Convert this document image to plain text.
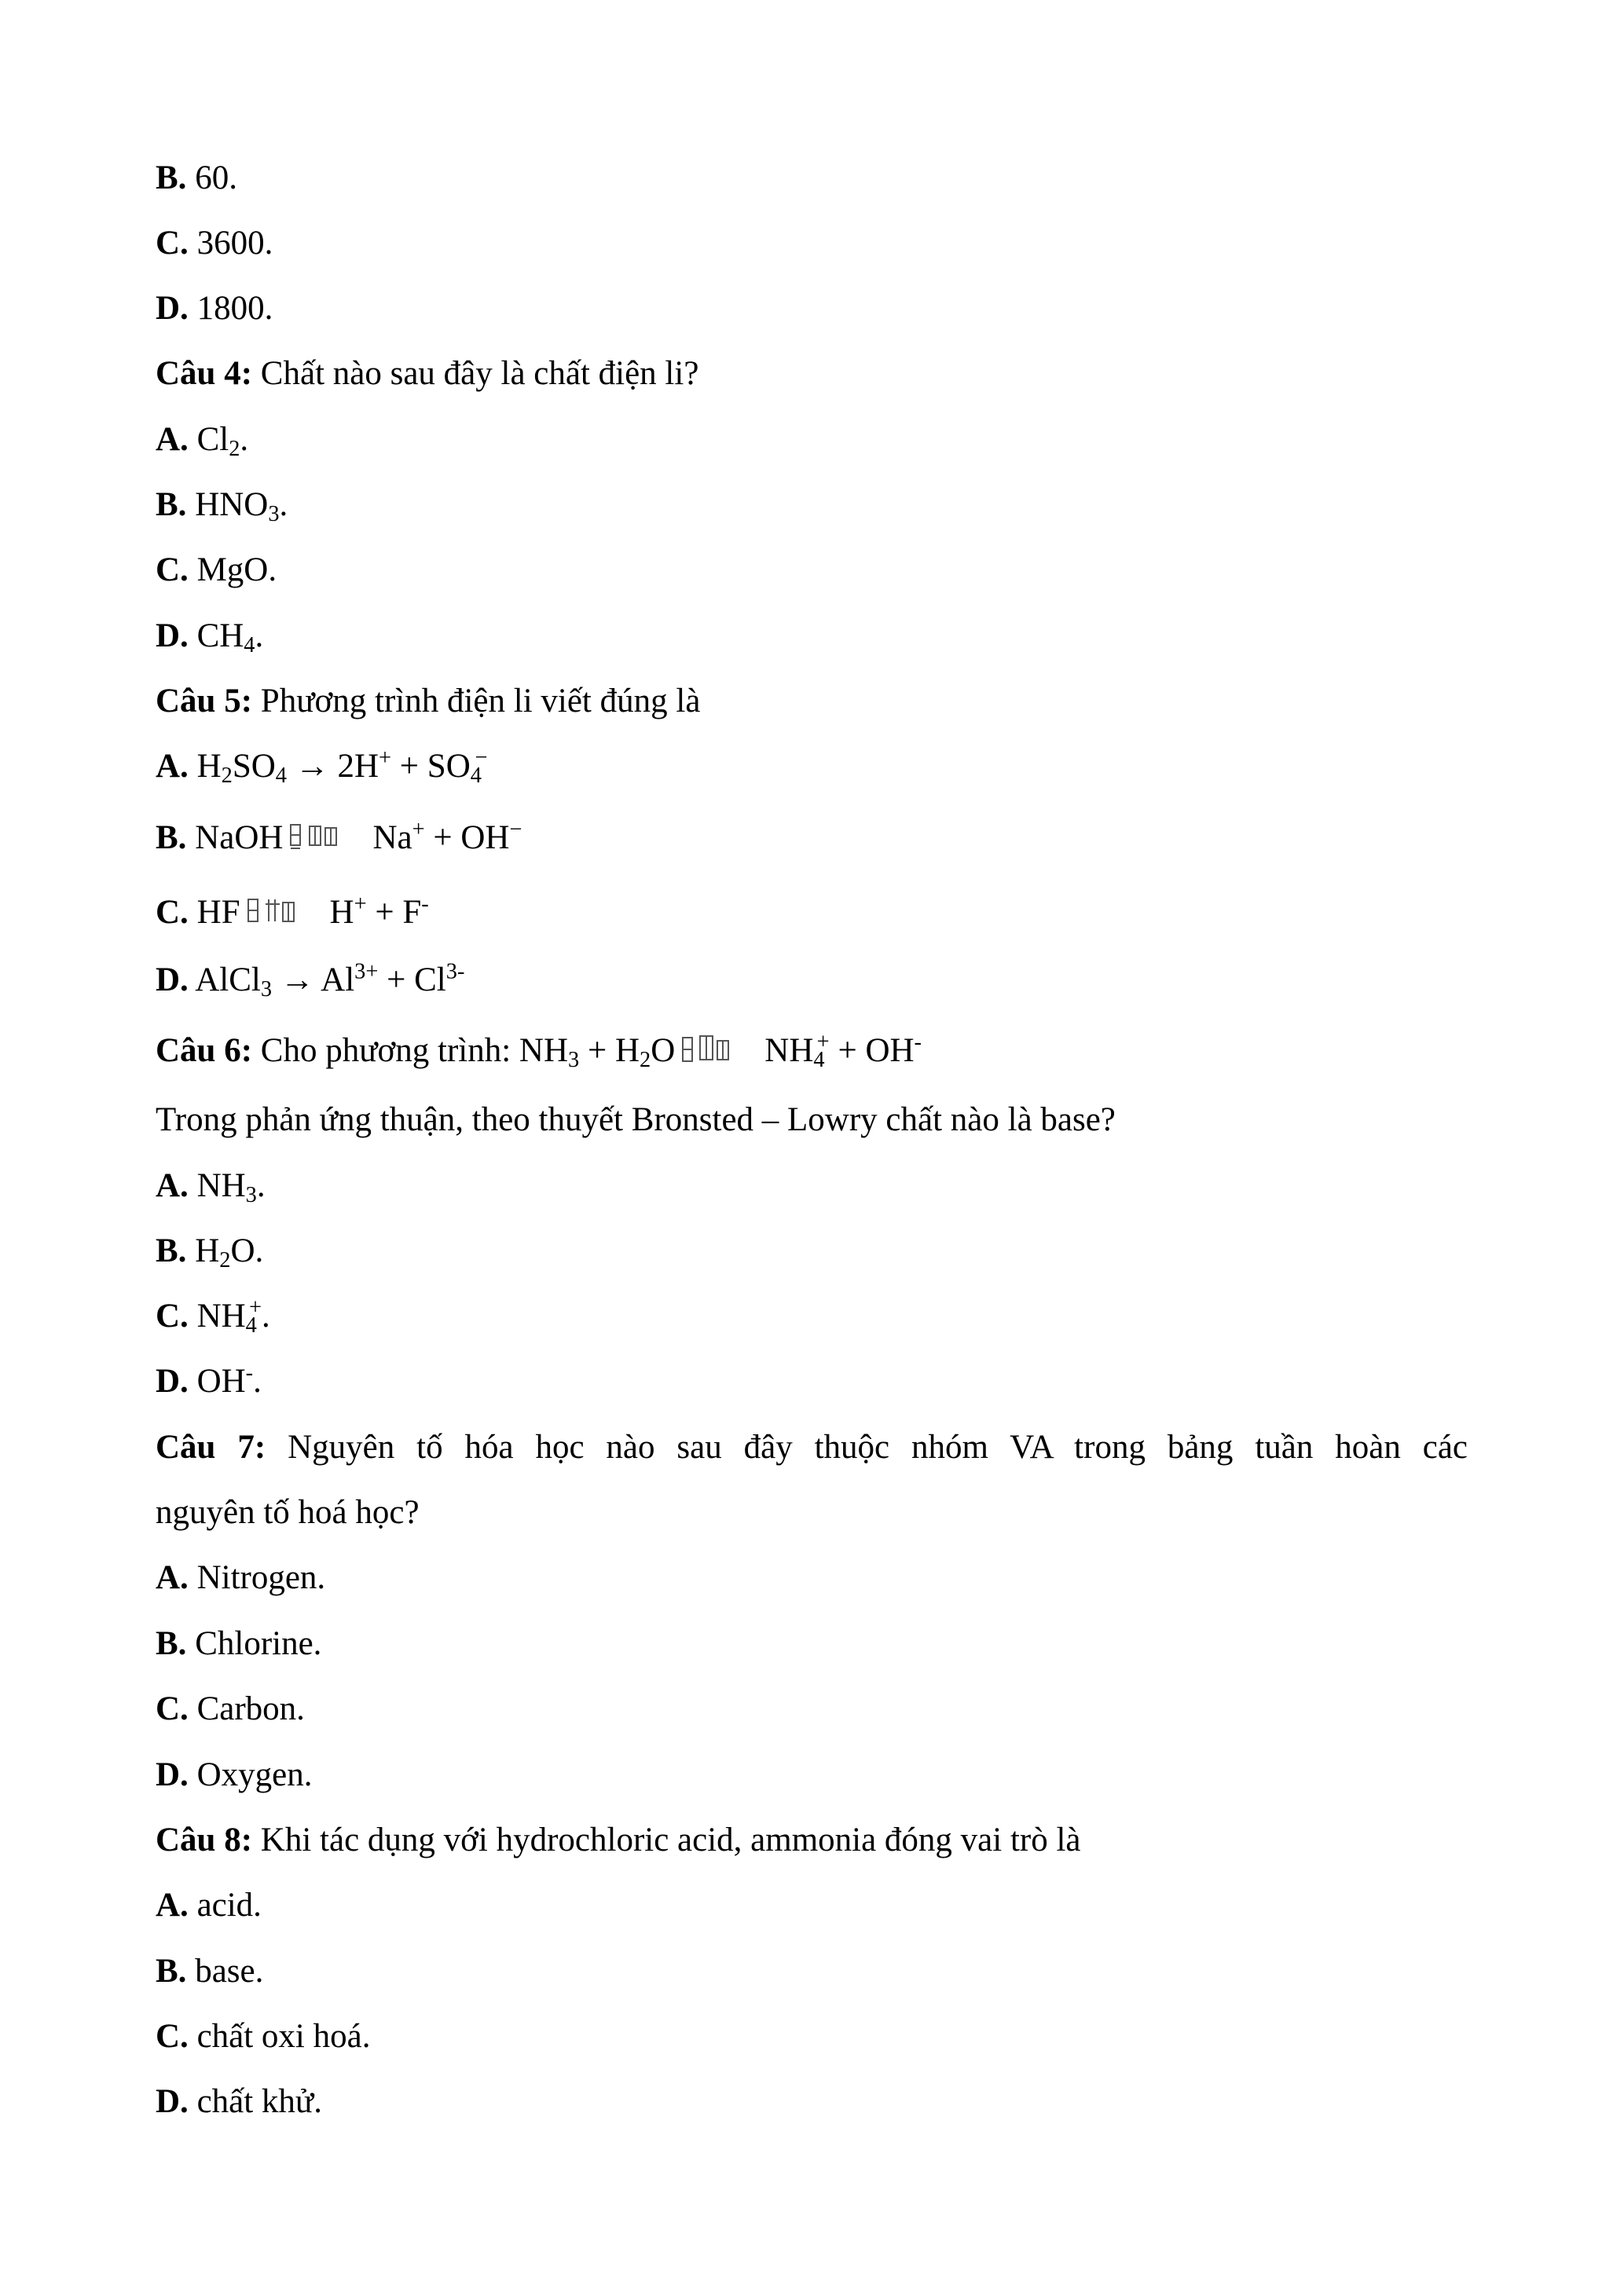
B. 60.
C. 3600.
D. 1800.
Câu 4: Chất nào sau đây là chất điện li?
A. $Cl_2$.
B. $HNO_3$.
C. MgO.
D. $CH_4$.
Câu 5: Phương trình điện li viết đúng là
A. $H_2SO_4 \to 2H^+ + SO_4^-$
B. NaOH	Na+ + OH−
C. HF	H+ + F-
D. AlCl$_3$ → $Al^{3+} + Cl^{3-}$
Câu 6: Cho phương trình: $NH_3 + H_2O$	$NH_4^+ + OH^-$
Trong phản ứng thuận, theo thuyết Bronsted – Lowry chất nào là base?
A. $NH_3$.
B. $H_2O$.
C. $NH_4^+$.
D. OH-.
Câu 7: Nguyên tố hóa học nào sau đây thuộc nhóm VA trong bảng tuần hoàn các
nguyên tố hoá học?
A. Nitrogen.
B. Chlorine.
C. Carbon.
D. Oxygen.
Câu 8: Khi tác dụng với hydrochloric acid, ammonia đóng vai trò là
A. acid.
B. base.
C. chất oxi hoá.
D. chất khử.
